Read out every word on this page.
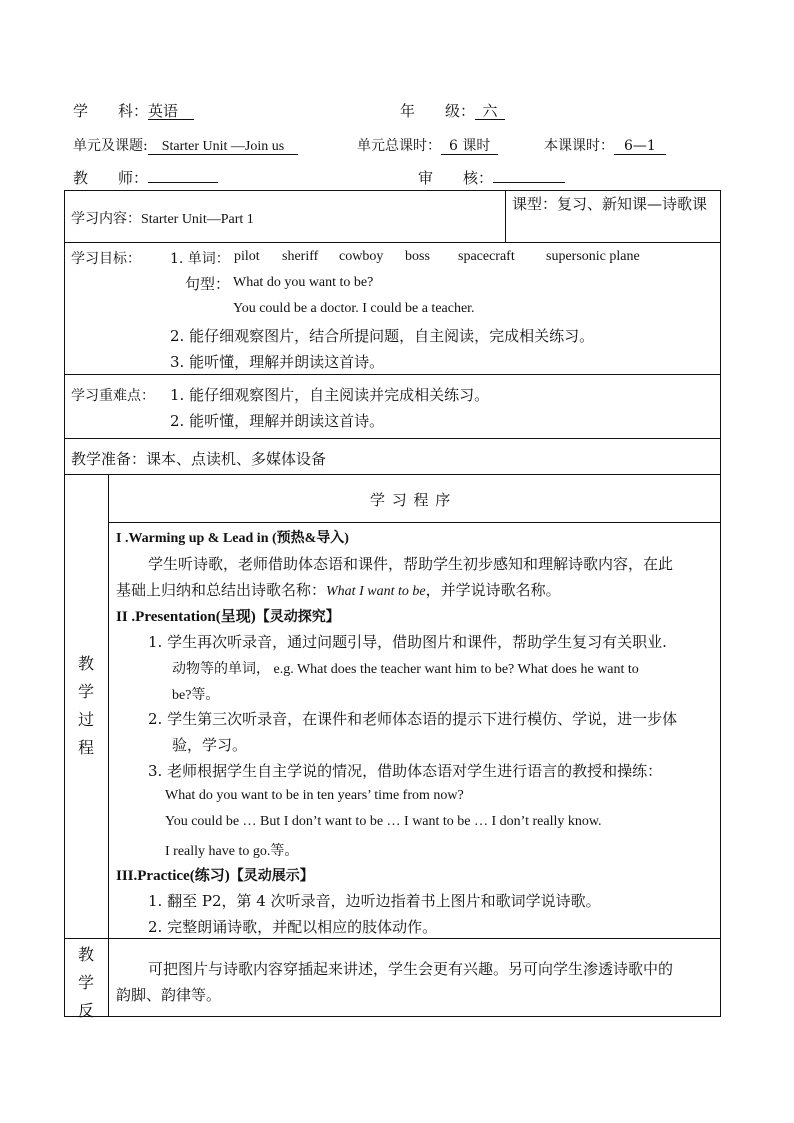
学　　科：英语	年　　级： 六
单元及课题: Starter Unit —Join us	单元总课时： 6 课时	本课课时： 6—1
教　　师：	审　　核：
学习内容：Starter Unit—Part 1
课型：复习、新知课—诗歌课
学习目标： 1. 单词： pilot sheriff cowboy boss spacecraft supersonic plane
句型： What do you want to be?
You could be a doctor. I could be a teacher.
2. 能仔细观察图片，结合所提问题，自主阅读，完成相关练习。
3. 能听懂，理解并朗读这首诗。
学习重难点： 1. 能仔细观察图片，自主阅读并完成相关练习。
2. 能听懂，理解并朗读这首诗。
教学准备：课本、点读机、多媒体设备
教
学
过
程
学 习 程 序
I .Warming up & Lead in (预热&导入)
学生听诗歌，老师借助体态语和课件，帮助学生初步感知和理解诗歌内容，在此
基础上归纳和总结出诗歌名称：What I want to be，并学说诗歌名称。
II .Presentation(呈现)【灵动探究】
1. 学生再次听录音，通过问题引导，借助图片和课件，帮助学生复习有关职业.
动物等的单词， e.g. What does the teacher want him to be? What does he want to
be?等。
2. 学生第三次听录音，在课件和老师体态语的提示下进行模仿、学说，进一步体
验，学习。
3. 老师根据学生自主学说的情况，借助体态语对学生进行语言的教授和操练：
What do you want to be in ten years’ time from now?
You could be … But I don’t want to be … I want to be … I don’t really know.
I really have to go.等。
III.Practice(练习)【灵动展示】
1. 翻至 P2，第 4 次听录音，边听边指着书上图片和歌词学说诗歌。
2. 完整朗诵诗歌，并配以相应的肢体动作。
教
学
反
可把图片与诗歌内容穿插起来讲述，学生会更有兴趣。另可向学生渗透诗歌中的
韵脚、韵律等。
